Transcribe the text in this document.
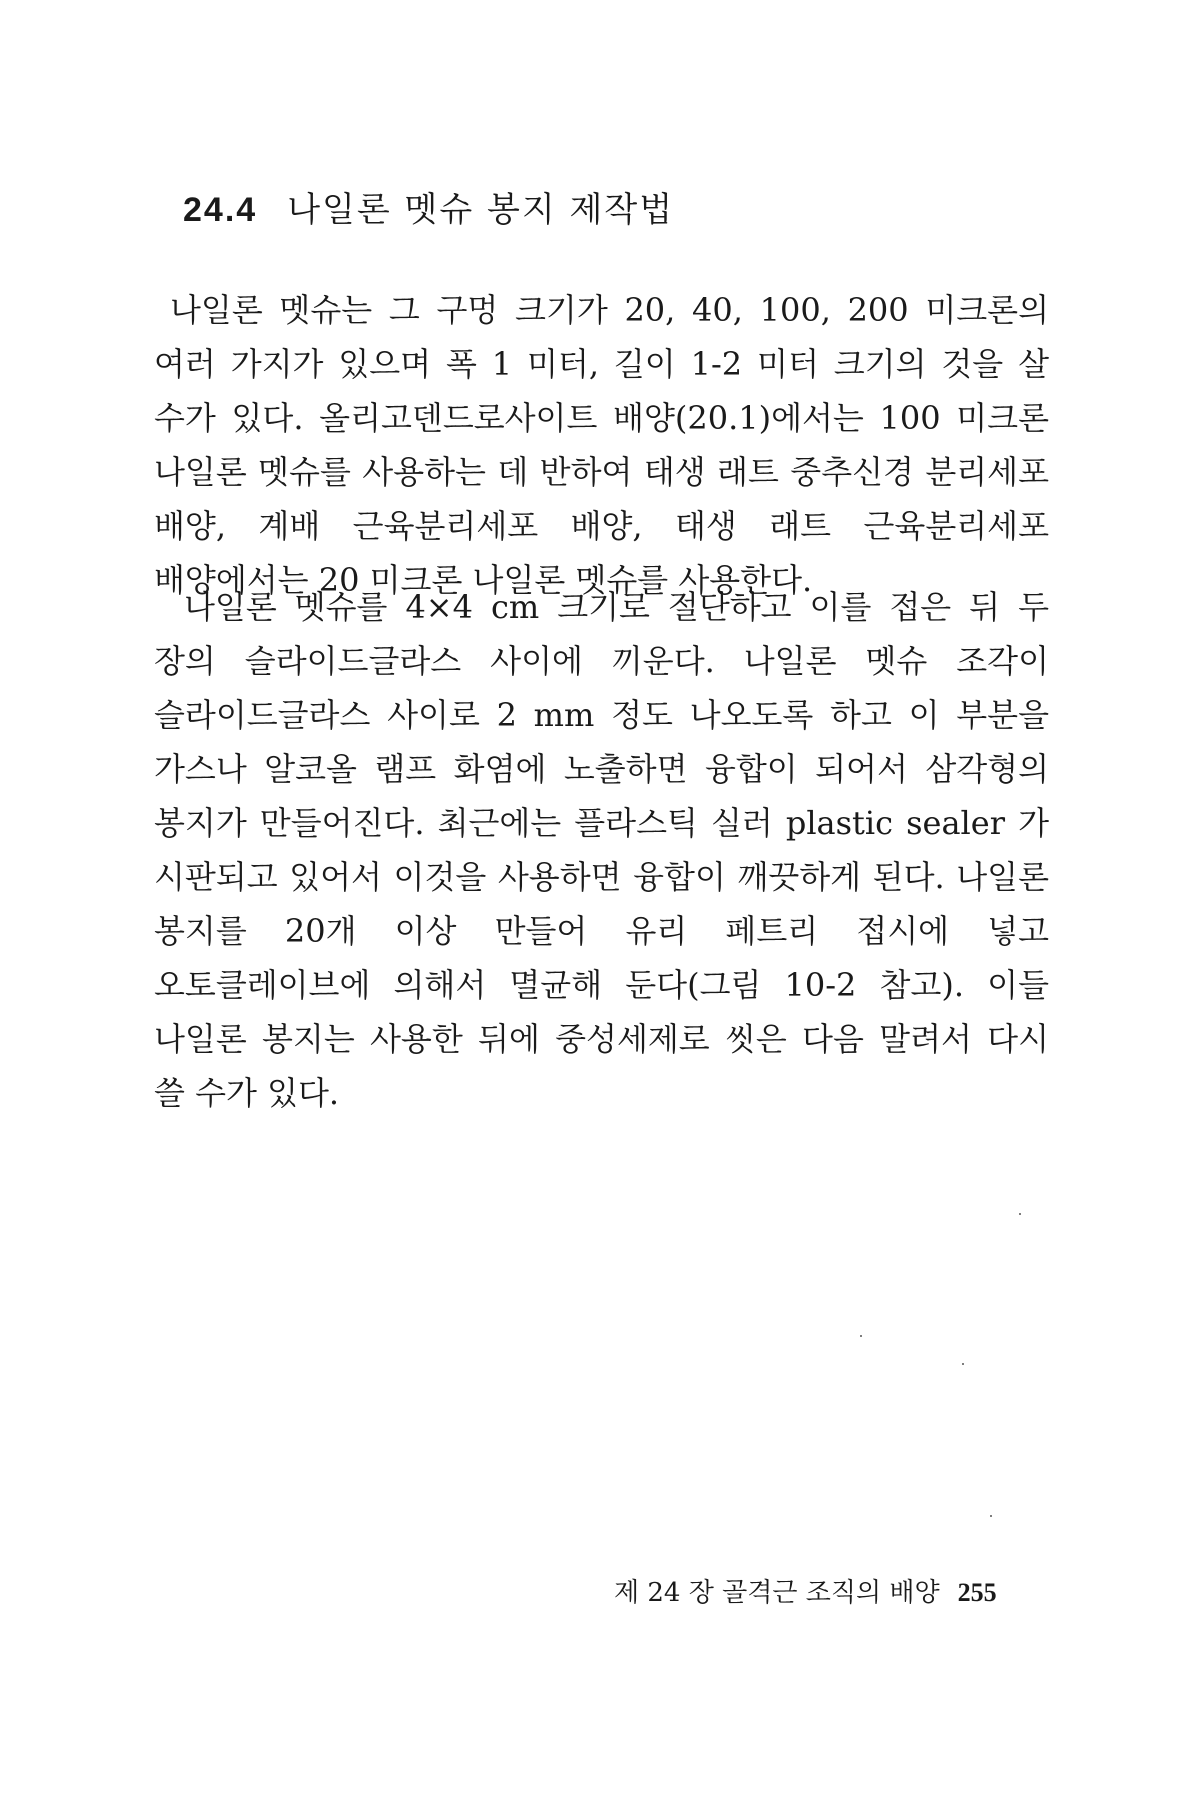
24.4 나일론 멧슈 봉지 제작법

나일론 멧슈는 그 구멍 크기가 20, 40, 100, 200 미크론의 여러 가지가 있으며 폭 1 미터, 길이 1-2 미터 크기의 것을 살 수가 있다. 올리고덴드로사이트 배양(20.1)에서는 100 미크론 나일론 멧슈를 사용하는 데 반하여 태생 래트 중추신경 분리세포 배양, 계배 근육분리세포 배양, 태생 래트 근육분리세포 배양에서는 20 미크론 나일론 멧슈를 사용한다.

나일론 멧슈를 4×4 cm 크기로 절단하고 이를 접은 뒤 두 장의 슬라이드글라스 사이에 끼운다. 나일론 멧슈 조각이 슬라이드글라스 사이로 2 mm 정도 나오도록 하고 이 부분을 가스나 알코올 램프 화염에 노출하면 융합이 되어서 삼각형의 봉지가 만들어진다. 최근에는 플라스틱 실러 plastic sealer 가 시판되고 있어서 이것을 사용하면 융합이 깨끗하게 된다. 나일론 봉지를 20개 이상 만들어 유리 페트리 접시에 넣고 오토클레이브에 의해서 멸균해 둔다(그림 10-2 참고). 이들 나일론 봉지는 사용한 뒤에 중성세제로 씻은 다음 말려서 다시 쓸 수가 있다.

제 24 장 골격근 조직의 배양 255
